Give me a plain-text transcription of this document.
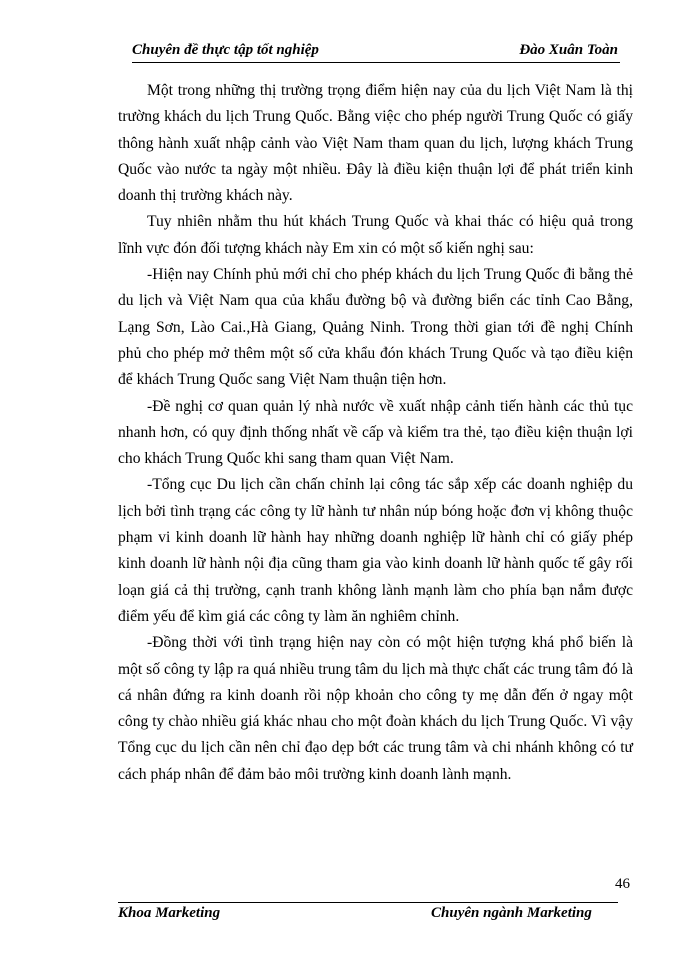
Chuyên đề thực tập tốt nghiệp	Đào Xuân Toàn

Một trong những thị trường trọng điểm hiện nay của du lịch Việt Nam là thị trường khách du lịch Trung Quốc. Bằng việc cho phép người Trung Quốc có giấy thông hành xuất nhập cảnh vào Việt Nam tham quan du lịch, lượng khách Trung Quốc vào nước ta ngày một nhiều. Đây là điều kiện thuận lợi để phát triển kinh doanh thị trường khách này.

Tuy nhiên nhằm thu hút khách Trung Quốc và khai thác có hiệu quả trong lĩnh vực đón đối tượng khách này Em xin có một số kiến nghị sau:

-Hiện nay Chính phủ mới chỉ cho phép khách du lịch Trung Quốc đi bằng thẻ du lịch và Việt Nam qua của khẩu đường bộ và đường biển các tỉnh Cao Bằng, Lạng Sơn, Lào Cai.,Hà Giang, Quảng Ninh. Trong thời gian tới đề nghị Chính phủ cho phép mở thêm một số cửa khẩu đón khách Trung Quốc và tạo điều kiện để khách Trung Quốc sang Việt Nam thuận tiện hơn.

-Đề nghị cơ quan quản lý nhà nước về xuất nhập cảnh tiến hành các thủ tục nhanh hơn, có quy định thống nhất về cấp và kiểm tra thẻ, tạo điều kiện thuận lợi cho khách Trung Quốc khi sang tham quan Việt Nam.

-Tổng cục Du lịch cần chấn chỉnh lại công tác sắp xếp các doanh nghiệp du lịch bởi tình trạng các công ty lữ hành tư nhân núp bóng hoặc đơn vị không thuộc phạm vi kinh doanh lữ hành hay những doanh nghiệp lữ hành chỉ có giấy phép kinh doanh lữ hành nội địa cũng tham gia vào kinh doanh lữ hành quốc tế gây rối loạn giá cả thị trường, cạnh tranh không lành mạnh làm cho phía bạn nắm được điểm yếu để kìm giá các công ty làm ăn nghiêm chỉnh.

-Đồng thời với tình trạng hiện nay còn có một hiện tượng khá phổ biến là một số công ty lập ra quá nhiều trung tâm du lịch mà thực chất các trung tâm đó là cá nhân đứng ra kinh doanh rồi nộp khoản cho công ty mẹ dẫn đến ở ngay một công ty chào nhiều giá khác nhau cho một đoàn khách du lịch Trung Quốc. Vì vậy Tổng cục du lịch cần nên chỉ đạo dẹp bớt các trung tâm và chi nhánh không có tư cách pháp nhân để đảm bảo môi trường kinh doanh lành mạnh.

46
Khoa Marketing	Chuyên ngành Marketing
